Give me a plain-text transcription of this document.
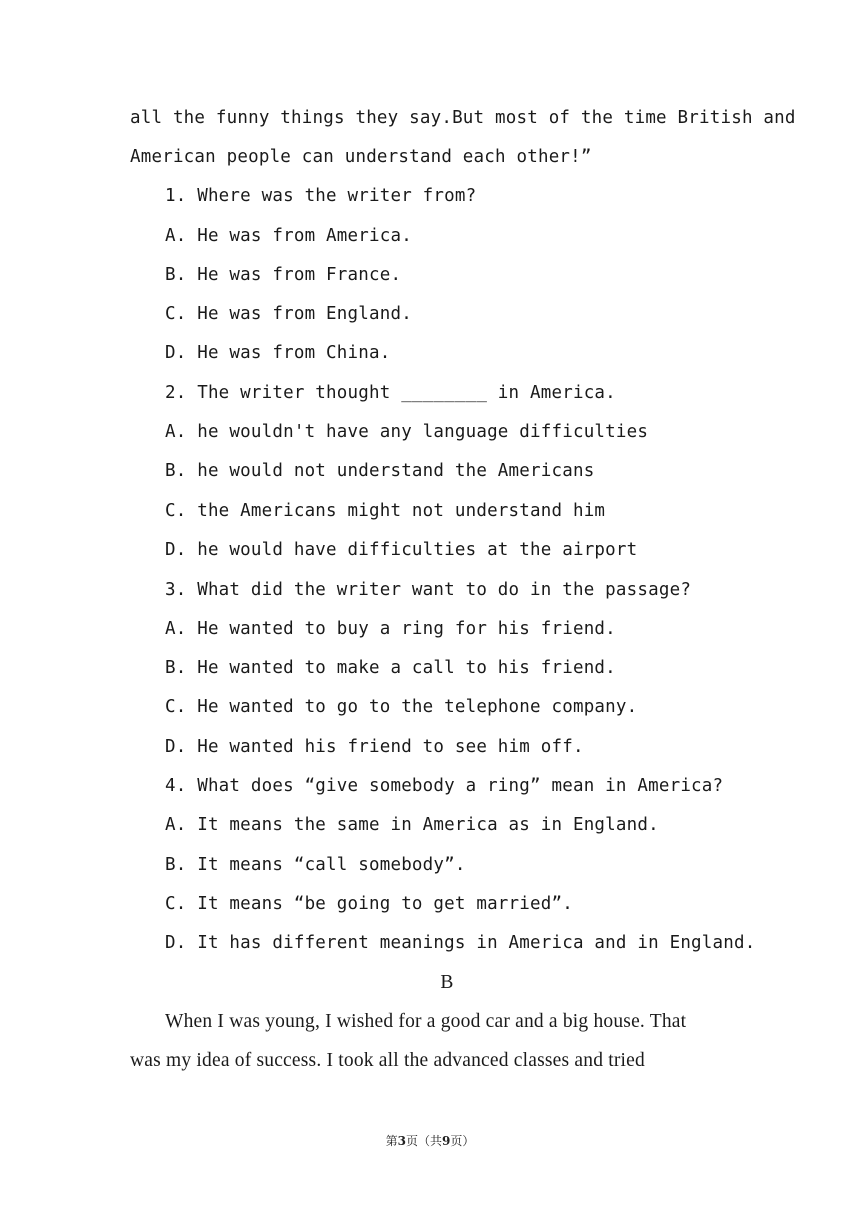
all the funny things they say.But most of the time British and
American people can understand each other!”
1. Where was the writer from?
A. He was from America.
B. He was from France.
C. He was from England.
D. He was from China.
2. The writer thought ________ in America.
A. he wouldn't have any language difficulties
B. he would not understand the Americans
C. the Americans might not understand him
D. he would have difficulties at the airport
3. What did the writer want to do in the passage?
A. He wanted to buy a ring for his friend.
B. He wanted to make a call to his friend.
C. He wanted to go to the telephone company.
D. He wanted his friend to see him off.
4. What does “give somebody a ring” mean in America?
A. It means the same in America as in England.
B. It means “call somebody”.
C. It means “be going to get married”.
D. It has different meanings in America and in England.
B
When I was young, I wished for a good car and a big house. That
was my idea of success. I took all the advanced classes and tried
第3页（共9页）
